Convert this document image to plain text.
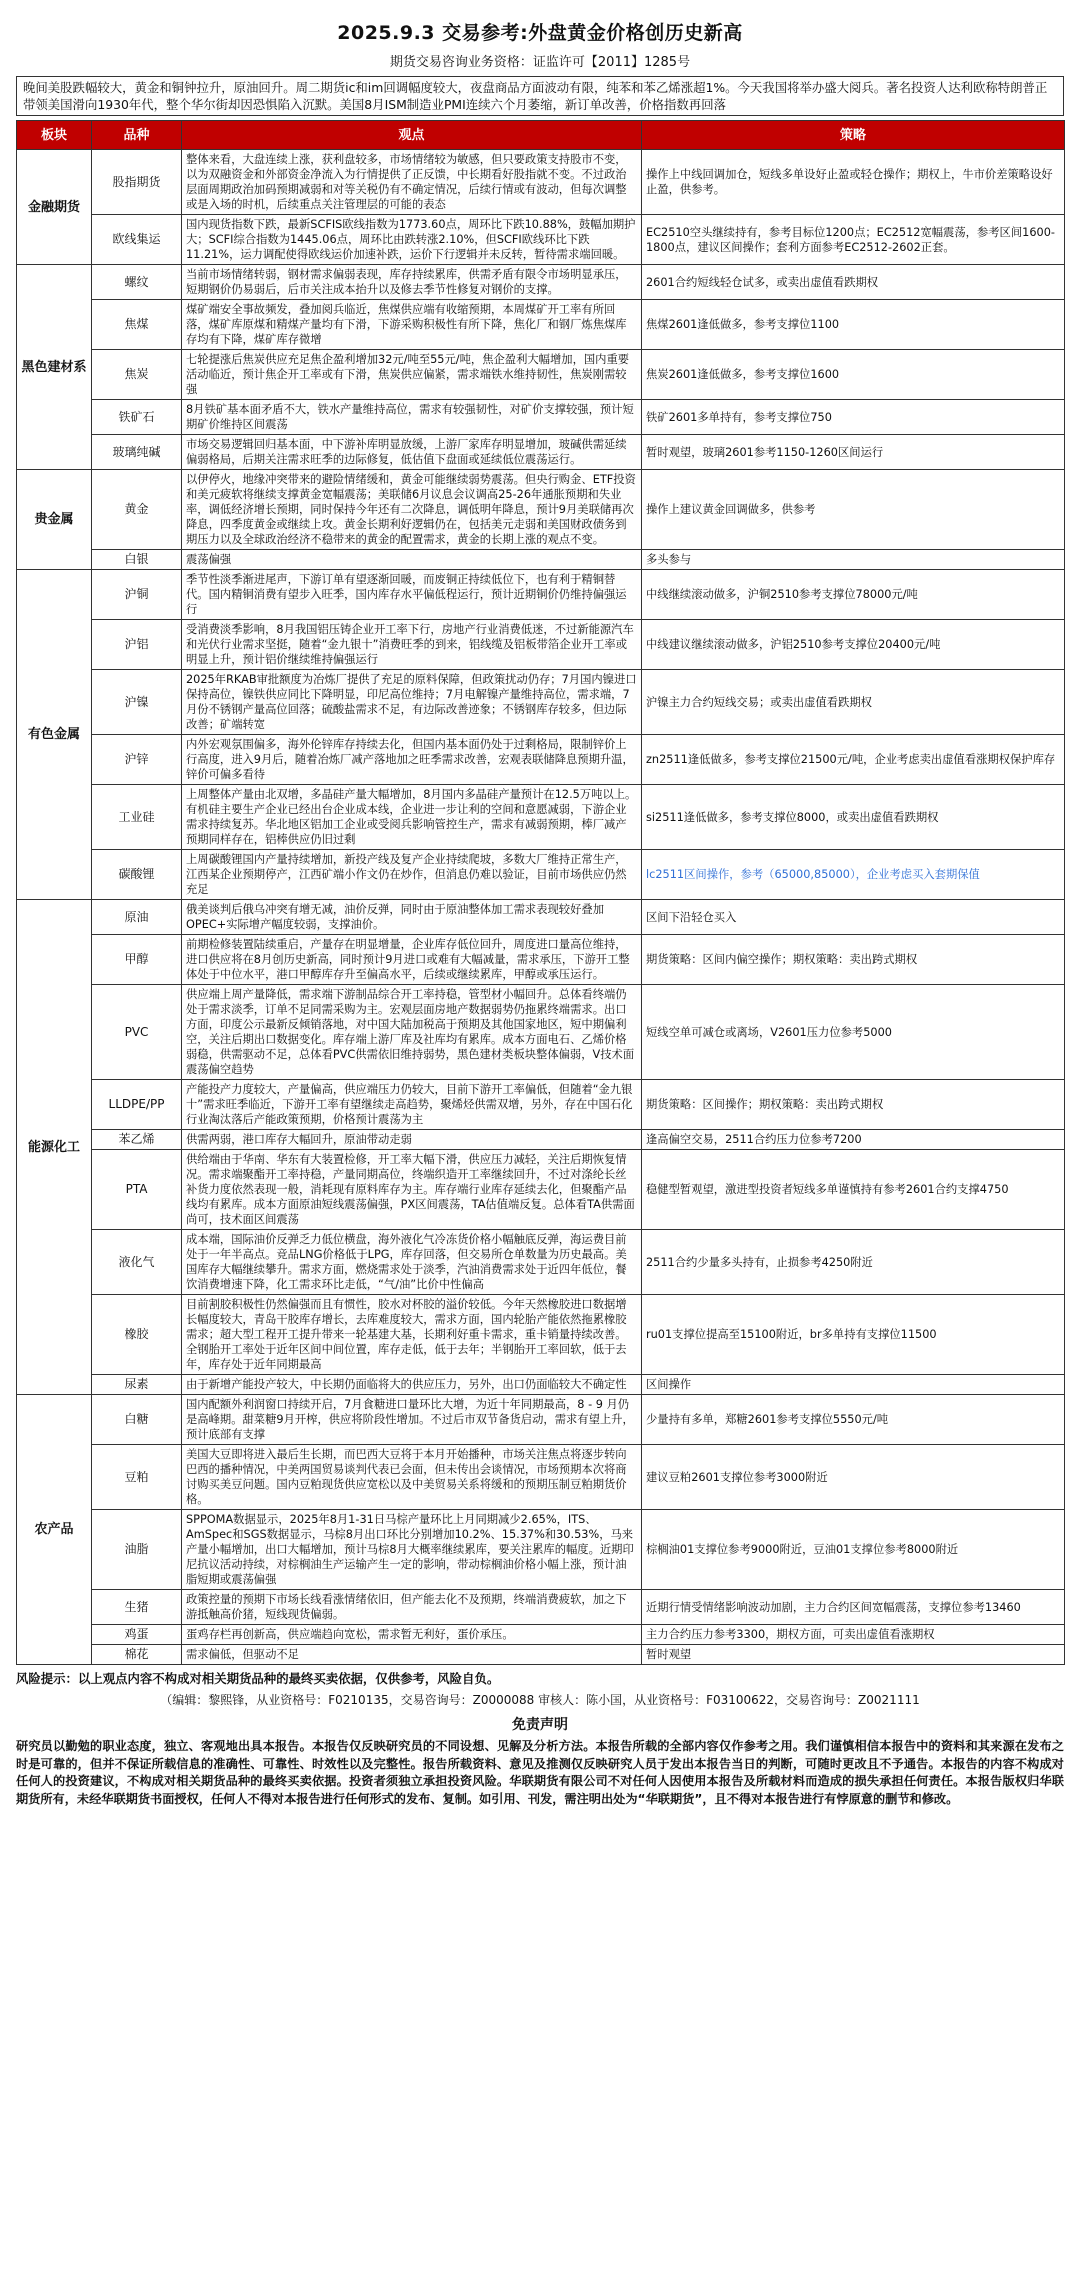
2025.9.3 交易参考:外盘黄金价格创历史新高
期货交易咨询业务资格：证监许可【2011】1285号
晚间美股跌幅较大，黄金和铜钟拉升，原油回升。周二期货ic和im回调幅度较大，夜盘商品方面波动有限，纯苯和苯乙烯涨超1%。今天我国将举办盛大阅兵。著名投资人达利欧称特朗普正带领美国滑向1930年代，整个华尔街却因恐惧陷入沉默。美国8月ISM制造业PMI连续六个月萎缩，新订单改善，价格指数再回落
板块	品种	观点	策略
金融期货	股指期货	整体来看，大盘连续上涨，获利盘较多，市场情绪较为敏感，但只要政策支持股市不变，以为双融资金和外部资金净流入为行情提供了正反馈，中长期看好股指就不变。不过政治层面周期政治加码预期减弱和对等关税仍有不确定情况，后续行情或有波动，但每次调整或是入场的时机，后续重点关注管理层的可能的表态	操作上中线回调加仓，短线多单设好止盈或轻仓操作；期权上，牛市价差策略设好止盈，供参考。
	欧线集运	国内现货指数下跌，最新SCFIS欧线指数为1773.60点，周环比下跌10.88%，鼓幅加期护大；SCFI综合指数为1445.06点，周环比由跌转涨2.10%，但SCFI欧线环比下跌11.21%，运力调配使得欧线运价加速补跌，运价下行逻辑并未反转，暂待需求端回暖。	EC2510空头继续持有，参考目标位1200点；EC2512宽幅震荡，参考区间1600-1800点，建议区间操作；套利方面参考EC2512-2602正套。
黑色建材系	螺纹	当前市场情绪转弱，钢材需求偏弱表现，库存持续累库，供需矛盾有限令市场明显承压，短期钢价仍易弱后，后市关注成本抬升以及修去季节性修复对钢价的支撑。	2601合约短线轻仓试多，或卖出虚值看跌期权
	焦煤	煤矿端安全事故频发，叠加阅兵临近，焦煤供应端有收缩预期，本周煤矿开工率有所回落，煤矿库原煤和精煤产量均有下滑，下游采购积极性有所下降，焦化厂和钢厂炼焦煤库存均有下降，煤矿库存微增	焦煤2601逢低做多，参考支撑位1100
	焦炭	七轮提涨后焦炭供应充足焦企盈利增加32元/吨至55元/吨，焦企盈利大幅增加，国内重要活动临近，预计焦企开工率或有下滑，焦炭供应偏紧，需求端铁水维持韧性，焦炭刚需较强	焦炭2601逢低做多，参考支撑位1600
	铁矿石	8月铁矿基本面矛盾不大，铁水产量维持高位，需求有较强韧性，对矿价支撑较强，预计短期矿价维持区间震荡	铁矿2601多单持有，参考支撑位750
	玻璃纯碱	市场交易逻辑回归基本面，中下游补库明显放缓，上游厂家库存明显增加，玻碱供需延续偏弱格局，后期关注需求旺季的边际修复，低估值下盘面或延续低位震荡运行。	暂时观望，玻璃2601参考1150-1260区间运行
贵金属	黄金	以伊停火，地缘冲突带来的避险情绪缓和，黄金可能继续弱势震荡。但央行购金、ETF投资和美元疲软将继续支撑黄金宽幅震荡；美联储6月议息会议调高25-26年通胀预期和失业率，调低经济增长预期，同时保持今年还有二次降息，调低明年降息，预计9月美联储再次降息，四季度黄金或继续上攻。黄金长期利好逻辑仍在，包括美元走弱和美国财政债务到期压力以及全球政治经济不稳带来的黄金的配置需求，黄金的长期上涨的观点不变。	操作上建议黄金回调做多，供参考
	白银	震荡偏强	多头参与
有色金属	沪铜	季节性淡季渐进尾声，下游订单有望逐渐回暖，而废铜正持续低位下，也有利于精铜替代。国内精铜消费有望步入旺季，国内库存水平偏低程运行，预计近期铜价仍维持偏强运行	中线继续滚动做多，沪铜2510参考支撑位78000元/吨
	沪铝	受消费淡季影响，8月我国铝压铸企业开工率下行，房地产行业消费低迷，不过新能源汽车和光伏行业需求坚挺，随着“金九银十”消费旺季的到来，铝线缆及铝板带箔企业开工率或明显上升，预计铝价继续维持偏强运行	中线建议继续滚动做多，沪铝2510参考支撑位20400元/吨
	沪镍	2025年RKAB审批额度为冶炼厂提供了充足的原料保障，但政策扰动仍存；7月国内镍进口保持高位，镍铁供应同比下降明显，印尼高位维持；7月电解镍产量维持高位，需求端，7月份不锈钢产量高位回落；硫酸盐需求不足，有边际改善迹象；不锈钢库存较多，但边际改善；矿端转宽	沪镍主力合约短线交易；或卖出虚值看跌期权
	沪锌	内外宏观氛围偏多，海外伦锌库存持续去化，但国内基本面仍处于过剩格局，限制锌价上行高度，进入9月后，随着冶炼厂减产落地加之旺季需求改善，宏观表联储降息预期升温，锌价可偏多看待	zn2511逢低做多，参考支撑位21500元/吨，企业考虑卖出虚值看涨期权保护库存
	工业硅	上周整体产量由北双增，多晶硅产量大幅增加，8月国内多晶硅产量预计在12.5万吨以上。有机硅主要生产企业已经出台企业成本线，企业进一步让利的空间和意愿减弱，下游企业需求持续复苏。华北地区铝加工企业或受阅兵影响管控生产，需求有减弱预期，棒厂减产预期同样存在，铝棒供应仍旧过剩	si2511逢低做多，参考支撑位8000，或卖出虚值看跌期权
	碳酸锂	上周碳酸锂国内产量持续增加，新投产线及复产企业持续爬坡，多数大厂维持正常生产，江西某企业预期停产，江西矿端小作文仍在炒作，但消息仍难以验证，目前市场供应仍然充足	lc2511区间操作，参考（65000,85000），企业考虑买入套期保值
能源化工	原油	俄美谈判后俄乌冲突有增无减，油价反弹，同时由于原油整体加工需求表现较好叠加OPEC+实际增产幅度较弱，支撑油价。	区间下沿轻仓买入
	甲醇	前期检修装置陆续重启，产量存在明显增量，企业库存低位回升，周度进口量高位维持，进口供应将在8月创历史新高，同时预计9月进口或难有大幅减量，需求承压，下游开工整体处于中位水平，港口甲醇库存升至偏高水平，后续或继续累库，甲醇或承压运行。	期货策略：区间内偏空操作；期权策略：卖出跨式期权
	PVC	供应端上周产量降低，需求端下游制品综合开工率持稳，管型材小幅回升。总体看终端仍处于需求淡季，订单不足同需采购为主。宏观层面房地产数据弱势仍拖累终端需求。出口方面，印度公示最新反倾销落地，对中国大陆加税高于预期及其他国家地区，短中期偏利空，关注后期出口数据变化。库存端上游厂库及社库均有累库。成本方面电石、乙烯价格弱稳，供需驱动不足，总体看PVC供需依旧维持弱势，黑色建材类板块整体偏弱，V技术面震荡偏空趋势	短线空单可减仓或离场，V2601压力位参考5000
	LLDPE/PP	产能投产力度较大，产量偏高，供应端压力仍较大，目前下游开工率偏低，但随着“金九银十”需求旺季临近，下游开工率有望继续走高趋势，聚烯烃供需双增，另外，存在中国石化行业淘汰落后产能政策预期，价格预计震荡为主	期货策略：区间操作；期权策略：卖出跨式期权
	苯乙烯	供需两弱，港口库存大幅回升，原油带动走弱	逢高偏空交易，2511合约压力位参考7200
	PTA	供给端由于华南、华东有大装置检修，开工率大幅下滑，供应压力减轻，关注后期恢复情况。需求端聚酯开工率持稳，产量同期高位，终端织造开工率继续回升，不过对涤纶长丝补货力度依然表现一般，消耗现有原料库存为主。库存端行业库存延续去化，但聚酯产品线均有累库。成本方面原油短线震荡偏强，PX区间震荡，TA估值端反复。总体看TA供需面尚可，技术面区间震荡	稳健型暂观望，激进型投资者短线多单谨慎持有参考2601合约支撑4750
	液化气	成本端，国际油价反弹乏力低位横盘，海外液化气冷冻货价格小幅触底反弹，海运费目前处于一年半高点。竞品LNG价格低于LPG，库存回落，但交易所仓单数量为历史最高。美国库存大幅继续攀升。需求方面，燃烧需求处于淡季，汽油消费需求处于近四年低位，餐饮消费增速下降，化工需求环比走低，“气/油”比价中性偏高	2511合约少量多头持有，止损参考4250附近
	橡胶	目前割胶积极性仍然偏强而且有惯性，胶水对杯胶的溢价较低。今年天然橡胶进口数据增长幅度较大，青岛干胶库存增长，去库难度较大，需求方面，国内轮胎产能依然拖累橡胶需求；超大型工程开工提升带来一轮基建大基，长期利好重卡需求，重卡销量持续改善。全钢胎开工率处于近年区间中间位置，库存走低，低于去年；半钢胎开工率回软，低于去年，库存处于近年同期最高	ru01支撑位提高至15100附近，br多单持有支撑位11500
	尿素	由于新增产能投产较大，中长期仍面临将大的供应压力，另外，出口仍面临较大不确定性	区间操作
农产品	白糖	国内配额外利润窗口持续开启，7月食糖进口量环比大增，为近十年同期最高，8 - 9 月仍是高峰期。甜菜糖9月开榨，供应将阶段性增加。不过后市双节备货启动，需求有望上升，预计底部有支撑	少量持有多单，郑糖2601参考支撑位5550元/吨
	豆粕	美国大豆即将进入最后生长期，而巴西大豆将于本月开始播种，市场关注焦点将逐步转向巴西的播种情况，中美两国贸易谈判代表已会面，但未传出会谈情况，市场预期本次将商讨购买美豆问题。国内豆粕现货供应宽松以及中美贸易关系将缓和的预期压制豆粕期货价格。	建议豆粕2601支撑位参考3000附近
	油脂	SPPOMA数据显示，2025年8月1-31日马棕产量环比上月同期减少2.65%，ITS、AmSpec和SGS数据显示，马棕8月出口环比分别增加10.2%、15.37%和30.53%，马来产量小幅增加，出口大幅增加，预计马棕8月大概率继续累库，要关注累库的幅度。近期印尼抗议活动持续，对棕榈油生产运输产生一定的影响，带动棕榈油价格小幅上涨，预计油脂短期或震荡偏强	棕榈油01支撑位参考9000附近，豆油01支撑位参考8000附近
	生猪	政策控量的预期下市场长线看涨情绪依旧，但产能去化不及预期，终端消费疲软，加之下游抵触高价猪，短线现货偏弱。	近期行情受情绪影响波动加剧，主力合约区间宽幅震荡，支撑位参考13460
	鸡蛋	蛋鸡存栏再创新高，供应端趋向宽松，需求暂无利好，蛋价承压。	主力合约压力参考3300，期权方面，可卖出虚值看涨期权
	棉花	需求偏低，但驱动不足	暂时观望
风险提示：以上观点内容不构成对相关期货品种的最终买卖依据，仅供参考，风险自负。
（编辑：黎熙锋，从业资格号：F0210135，交易咨询号：Z0000088 审核人：陈小国，从业资格号：F03100622，交易咨询号：Z0021111
免责声明
研究员以勤勉的职业态度，独立、客观地出具本报告。本报告仅反映研究员的不同设想、见解及分析方法。本报告所载的全部内容仅作参考之用。我们谨慎相信本报告中的资料和其来源在发布之时是可靠的，但并不保证所载信息的准确性、可靠性、时效性以及完整性。报告所载资料、意见及推测仅反映研究人员于发出本报告当日的判断，可随时更改且不予通告。本报告的内容不构成对任何人的投资建议，不构成对相关期货品种的最终买卖依据。投资者须独立承担投资风险。华联期货有限公司不对任何人因使用本报告及所载材料而造成的损失承担任何责任。本报告版权归华联期货所有，未经华联期货书面授权，任何人不得对本报告进行任何形式的发布、复制。如引用、刊发，需注明出处为“华联期货”，且不得对本报告进行有悖原意的删节和修改。
